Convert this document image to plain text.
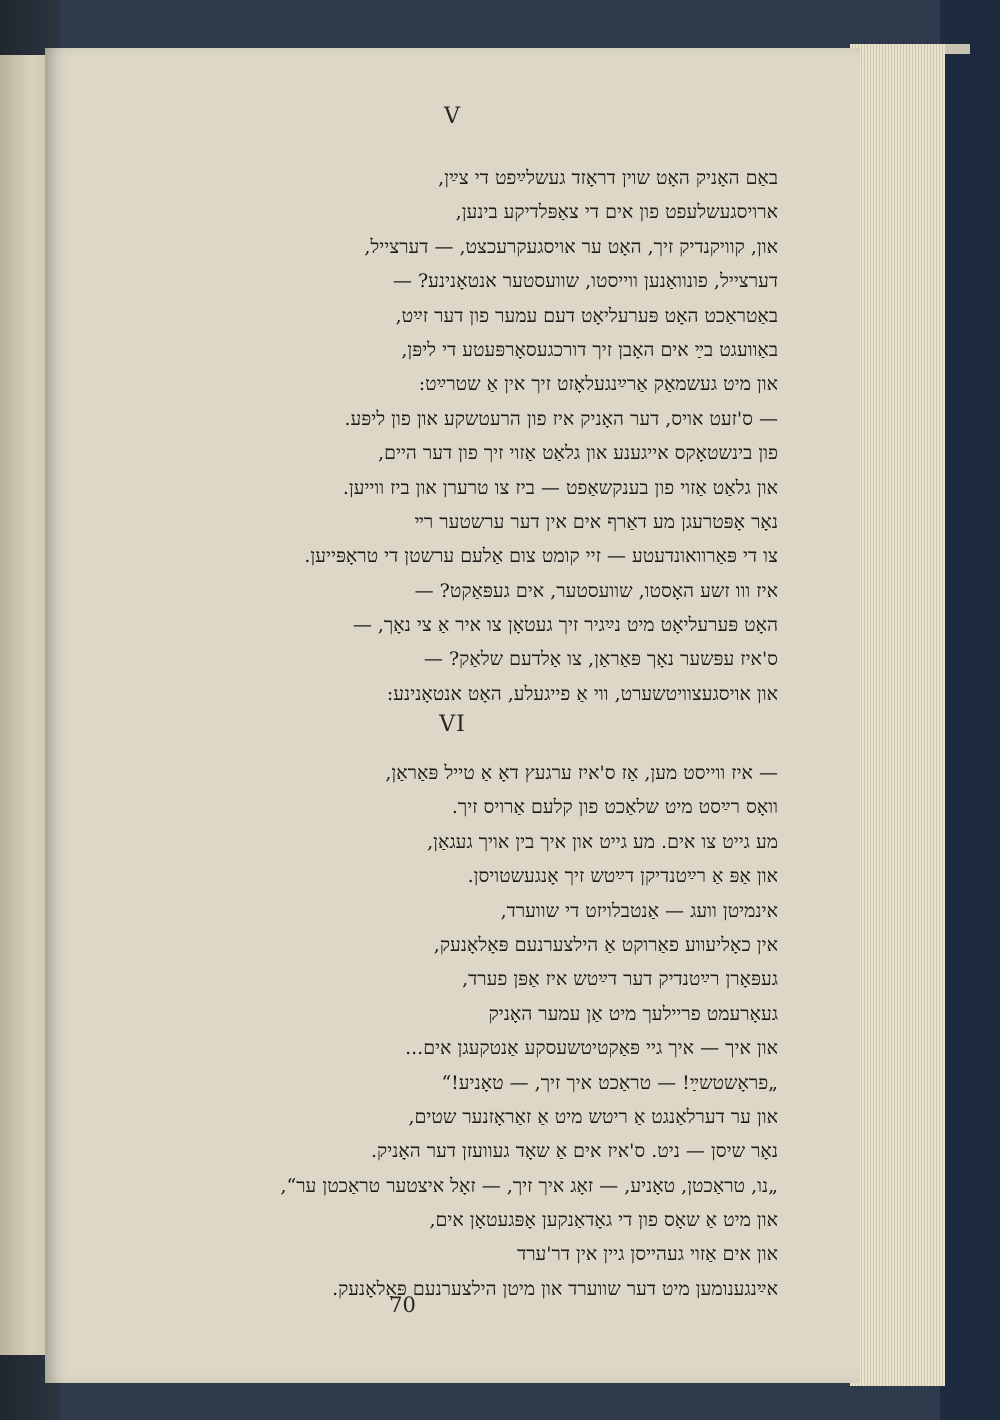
V
באַם האָניק האָט שוין דראָזד געשלײַפט די צײַן,
ארויסגעשלעפט פון אים די צאַפּלדיקע בינען,
און, קוויקנדיק זיך, האָט ער אויסגעקרעכצט, — דערצייל,
דערצייל, פונוואַנען ווייסטו, שוועסטער אנטאָנינע? —
באַטראַכט האָט פּערעליאָט דעם עמער פון דער זײַט,
באַוועגט בײַ אים האָבן זיך דורכגעסאָרפּעטע די ליפּן,
און מיט געשמאַק אַרײַנגעלאָזט זיך אין אַ שטרײַט:
— ס'זעט אויס, דער האָניק איז פון הרעטשקע און פון ליפּע.
פון בינשטאָקס אייגענע און גלאַט אַזוי זיך פון דער היים,
און גלאַט אַזוי פון בענקשאַפט — ביז צו טרערן און ביז ווייען.
נאָר אָפּטרעגן מע דאַרף אים אין דער ערשטער רײ
צו די פּאַרוואונדעטע — זיי קומט צום אַלעם ערשטן די טראָפּייען.
איז ווו זשע האָסטו, שוועסטער, אים געפּאַקט? —
האָט פּערעליאָט מיט נײַגיר זיך געטאָן צו איר אַ צי נאָך, —
ס'איז עפּשער נאָך פּאַראַן, צו אַלדעם שלאַק? —
און אויסגעצוויטשערט, ווי אַ פייגעלע, האָט אנטאָנינע:
VI
— איז ווייסט מען, אַז ס'איז ערגעץ דאָ אַ טייל פּאַראַן,
וואָס רײַסט מיט שלאַכט פון קלעם אַרויס זיך.
מע גייט צו אים. מע גייט און איך בין אויך געגאַן,
און אַפּ אַ רײַטנדיקן דײַטש זיך אָנגעשטויסן.
אינמיטן וועג — אַנטבלויזט די שווערד,
אין כאָליעווע פאַרוקט אַ הילצערנעם פּאָלאָנעק,
געפּאָרן רײַטנדיק דער דײַטש איז אַפּן פערד,
געאָרעמט פריילעך מיט אַן עמער האָניק
און איך — איך גיי פּאַקטיטשעסקע אַנטקעגן אים...
„פראָשטשײַ! — טראַכט איך זיך, — טאָניע!“
און ער דערלאַנגט אַ ריטש מיט אַ זאַראָזנער שטים,
נאָר שיסן — ניט. ס'איז אים אַ שאָד געוועזן דער האָניק.
„נו, טראַכטן, טאָניע, — זאָג איך זיך, — זאָל איצטער טראַכטן ער“,
און מיט אַ שאָס פון די גאָדאַנקען אָפּגעטאָן אים,
און אים אַזוי געהייסן גיין אין דר'ערד
אײַנגענומען מיט דער שווערד און מיטן הילצערנעם פּאָלאָנעק.
70
